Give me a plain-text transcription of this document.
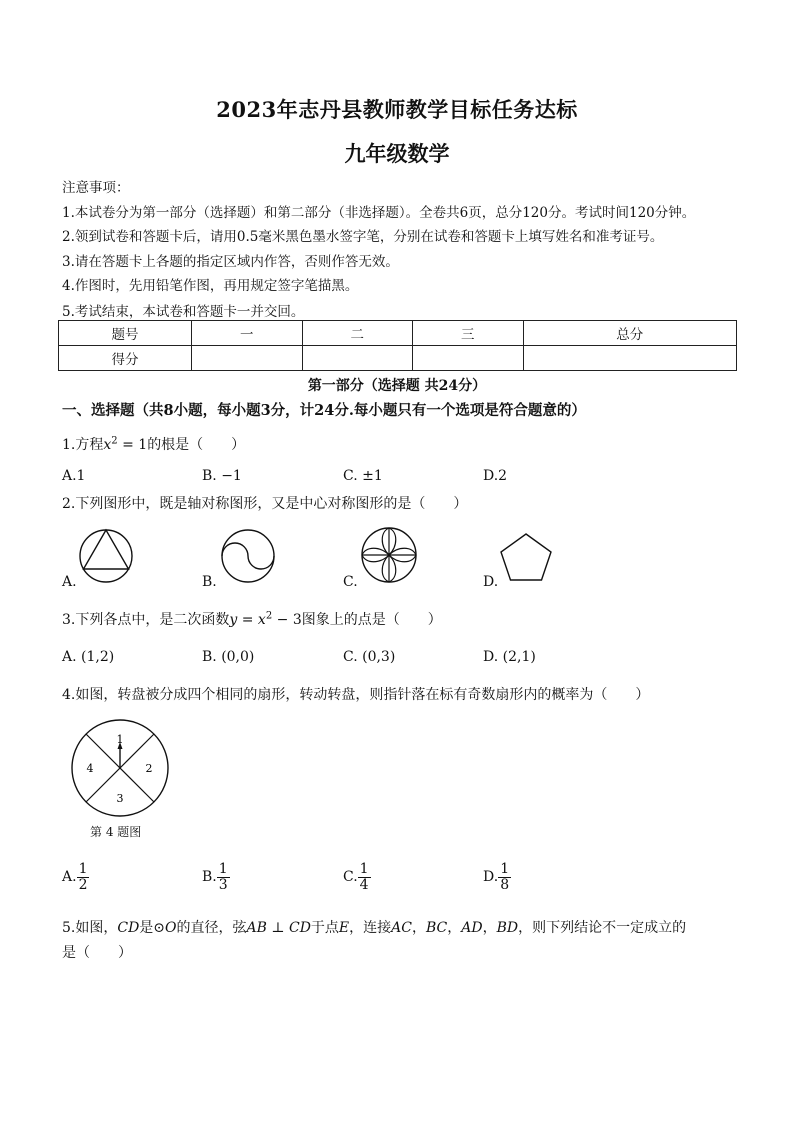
2023年志丹县教师教学目标任务达标
九年级数学
注意事项：
1.本试卷分为第一部分（选择题）和第二部分（非选择题）。全卷共6页，总分120分。考试时间120分钟。
2.领到试卷和答题卡后，请用0.5毫米黑色墨水签字笔，分别在试卷和答题卡上填写姓名和准考证号。
3.请在答题卡上各题的指定区域内作答，否则作答无效。
4.作图时，先用铅笔作图，再用规定签字笔描黑。
5.考试结束，本试卷和答题卡一并交回。
题号	一	二	三	总分
得分				
第一部分（选择题 共24分）
一、选择题（共8小题，每小题3分，计24分.每小题只有一个选项是符合题意的）
1.方程$x^2 = 1$的根是（　　）
A.1	B. −1	C. ±1	D.2
2.下列图形中，既是轴对称图形，又是中心对称图形的是（　　）
A.	B.	C.	D.
3.下列各点中，是二次函数$y = x^2 - 3$图象上的点是（　　）
A. (1,2)	B. (0,0)	C. (0,3)	D. (2,1)
4.如图，转盘被分成四个相同的扇形，转动转盘，则指针落在标有奇数扇形内的概率为（　　）
1
2
3
4
第 4 题图
A. $\frac{1}{2}$	B. $\frac{1}{3}$	C. $\frac{1}{4}$	D. $\frac{1}{8}$
5.如图，CD是⊙O的直径，弦AB ⊥ CD于点E，连接AC，BC，AD，BD，则下列结论不一定成立的
是（　　）
